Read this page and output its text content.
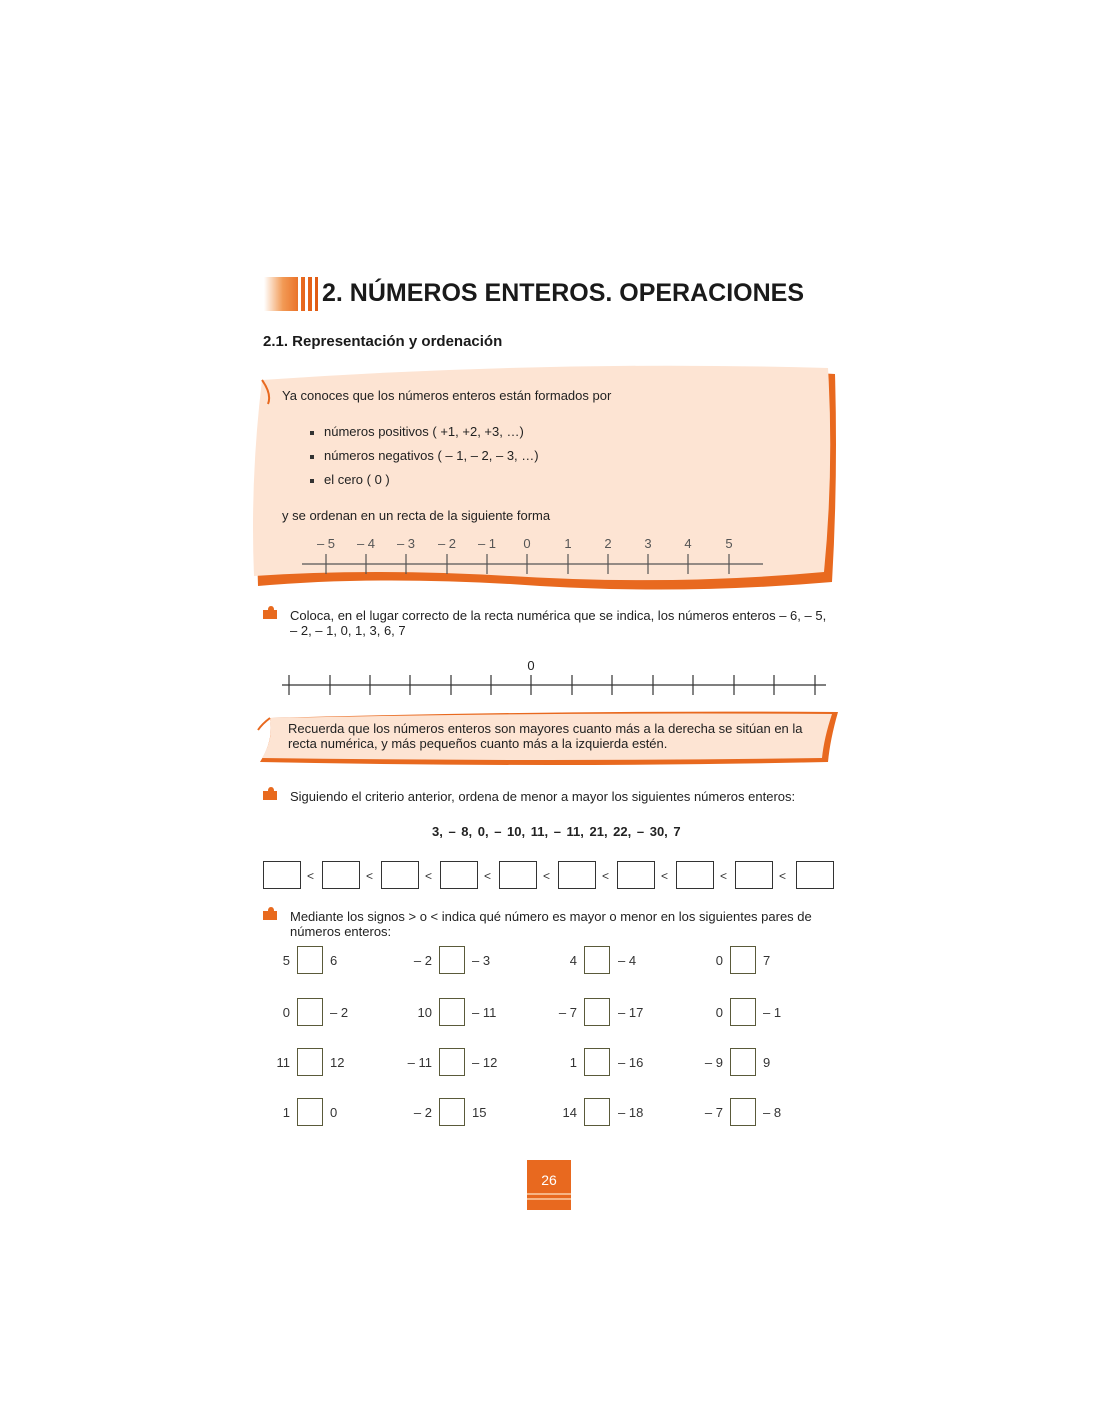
2. NÚMEROS ENTEROS. OPERACIONES
2.1. Representación y ordenación
Ya conoces que los números enteros están formados por
números positivos ( +1, +2, +3, …)
números negativos ( – 1, – 2, – 3, …)
el cero ( 0 )
y se ordenan en un recta de la siguiente forma
– 5	– 4	– 3	– 2	– 1	0	1	2	3	4	5
Coloca, en el lugar correcto de la recta numérica que se indica, los números enteros – 6, – 5,
– 2, – 1, 0, 1, 3, 6, 7
0
Recuerda que los números enteros son mayores cuanto más a la derecha se sitúan en la
recta numérica, y más pequeños cuanto más a la izquierda estén.
Siguiendo el criterio anterior, ordena de menor a mayor los siguientes números enteros:
3, – 8, 0, – 10, 11, – 11, 21, 22, – 30, 7
<	<	<	<	<	<	<	<	<
Mediante los signos > o < indica qué número es mayor o menor en los siguientes pares de
números enteros:
5	6	– 2	– 3	4	– 4	0	7
0	– 2	10	– 11	– 7	– 17	0	– 1
11	12	– 11	– 12	1	– 16	– 9	9
1	0	– 2	15	14	– 18	– 7	– 8
26
